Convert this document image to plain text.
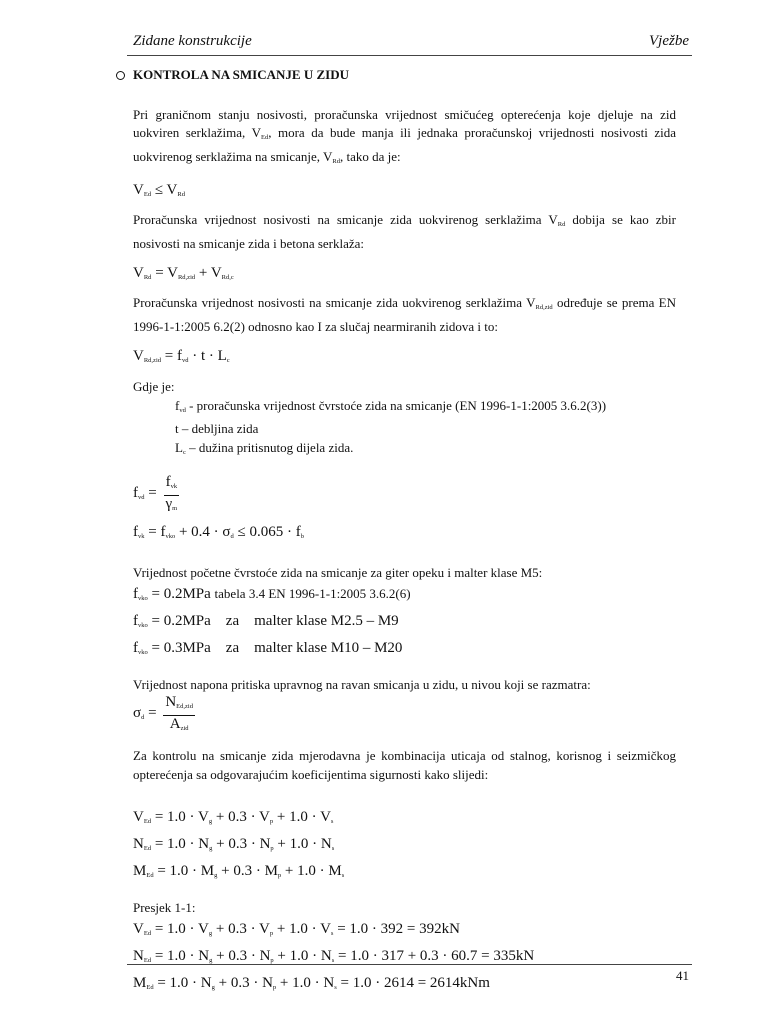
Zidane konstrukcije	Vježbe
KONTROLA NA SMICANJE U ZIDU

Pri graničnom stanju nosivosti, proračunska vrijednost smičućeg opterećenja koje djeluje na zid uokviren serklažima, $V_{Ed}$, mora da bude manja ili jednaka proračunskoj vrijednosti nosivosti zida uokvirenog serklažima na smicanje, $V_{Rd}$, tako da je:

$V_{Ed} \le V_{Rd}$

Proračunska vrijednost nosivosti na smicanje zida uokvirenog serklažima $V_{Rd}$ dobija se kao zbir nosivosti na smicanje zida i betona serklaža:

$V_{Rd} = V_{Rd,zid} + V_{Rd,c}$

Proračunska vrijednost nosivosti na smicanje zida uokvirenog serklažima $V_{Rd,zid}$ određuje se prema EN 1996-1-1:2005 6.2(2) odnosno kao I za slučaj nearmiranih zidova i to:

$V_{Rd,zid} = f_{vd} \cdot t \cdot L_c$

Gdje je:

$f_{vd}$ - proračunska vrijednost čvrstoće zida na smicanje (EN 1996-1-1:2005 3.6.2(3))
t – debljina zida
$L_c$ – dužina pritisnutog dijela zida.
$f_{vd} = \frac{f_{vk}}{\gamma_m}$
$f_{vk} = f_{vko} + 0.4 \cdot \sigma_d \le 0.065 \cdot f_b$

Vrijednost početne čvrstoće zida na smicanje za giter opeku i malter klase M5:

$f_{vko} = 0.2MPa$ tabela 3.4 EN 1996-1-1:2005 3.6.2(6)
$f_{vko} = 0.2MPa$    za    malter klase M2.5 – M9
$f_{vko} = 0.3MPa$    za    malter klase M10 – M20

Vrijednost napona pritiska upravnog na ravan smicanja u zidu, u nivou koji se razmatra:

$\sigma_d = \frac{N_{Ed,zid}}{A_{zid}}$

Za kontrolu na smicanje zida mjerodavna je kombinacija uticaja od stalnog, korisnog i seizmičkog opterećenja sa odgovarajućim koeficijentima sigurnosti kako slijedi:

$V_{Ed} = 1.0 \cdot V_g + 0.3 \cdot V_p + 1.0 \cdot V_s$
$N_{Ed} = 1.0 \cdot N_g + 0.3 \cdot N_p + 1.0 \cdot N_s$
$M_{Ed} = 1.0 \cdot M_g + 0.3 \cdot M_p + 1.0 \cdot M_s$

Presjek 1-1:

$V_{Ed} = 1.0 \cdot V_g + 0.3 \cdot V_p + 1.0 \cdot V_s = 1.0 \cdot 392 = 392kN$
$N_{Ed} = 1.0 \cdot N_g + 0.3 \cdot N_p + 1.0 \cdot N_s = 1.0 \cdot 317 + 0.3 \cdot 60.7 = 335kN$
$M_{Ed} = 1.0 \cdot N_g + 0.3 \cdot N_p + 1.0 \cdot N_s = 1.0 \cdot 2614 = 2614kNm$	41
